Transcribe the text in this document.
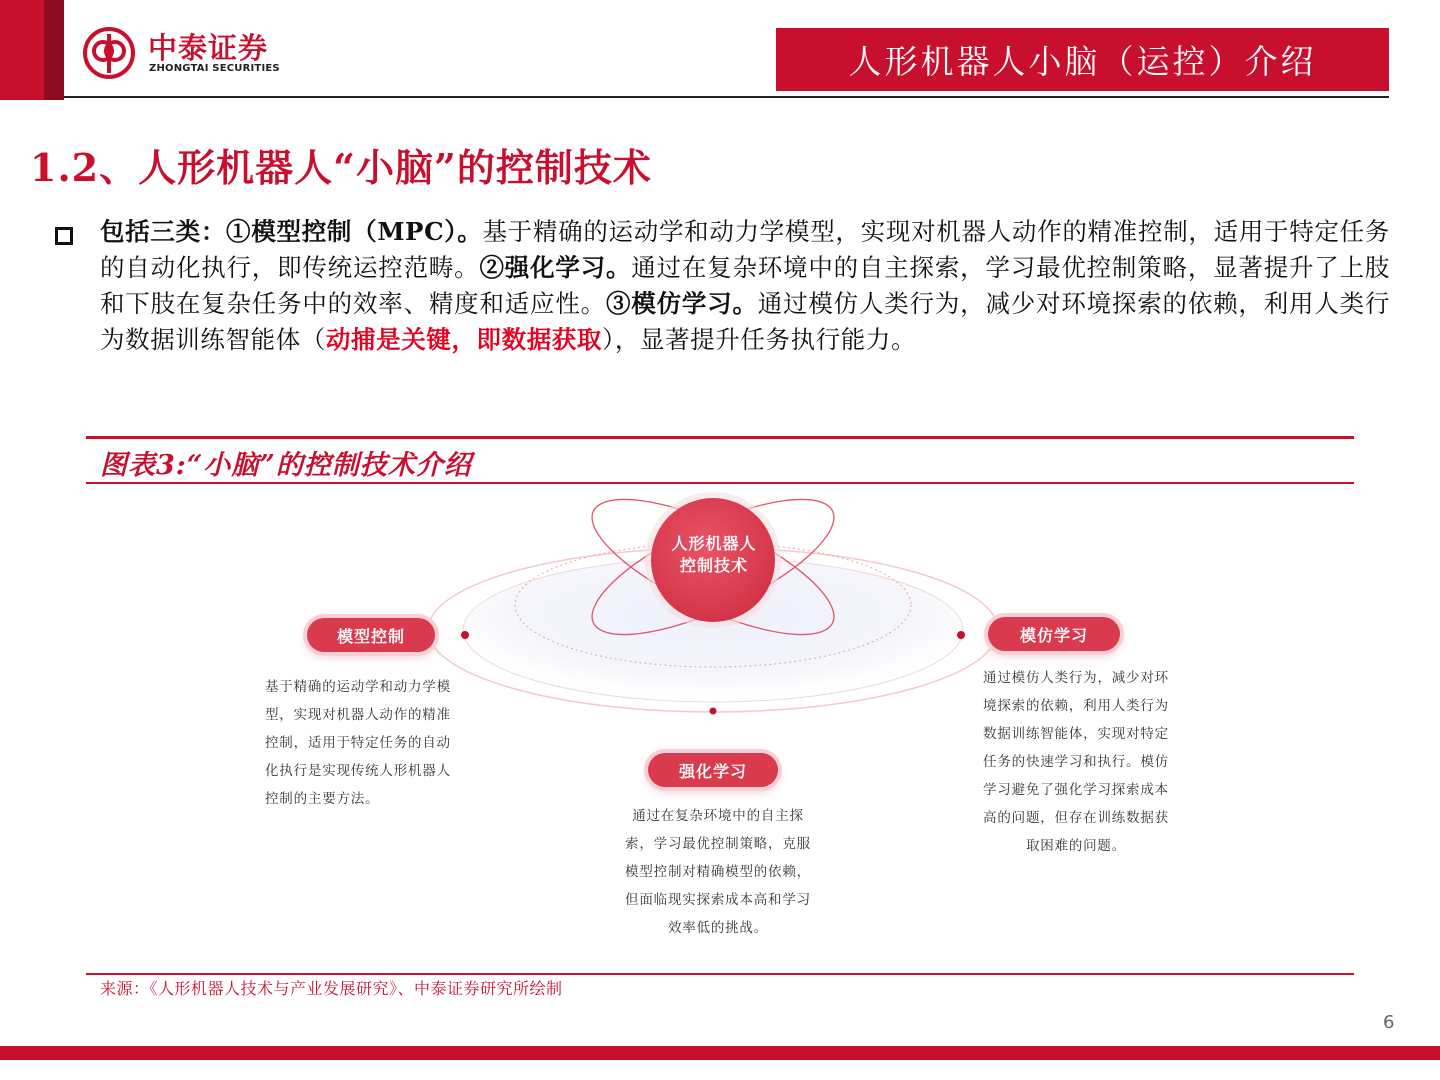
中泰证券
ZHONGTAI SECURITIES	人形机器人小脑（运控）介绍
1.2、人形机器人“小脑”的控制技术
包括三类：①模型控制（MPC）。基于精确的运动学和动力学模型，实现对机器人动作的精准控制，适用于特定任务的自动化执行，即传统运控范畴。②强化学习。通过在复杂环境中的自主探索，学习最优控制策略，显著提升了上肢和下肢在复杂任务中的效率、精度和适应性。③模仿学习。通过模仿人类行为，减少对环境探索的依赖，利用人类行为数据训练智能体（动捕是关键，即数据获取），显著提升任务执行能力。
图表3:“小脑”的控制技术介绍
人形机器人
控制技术
模型控制	模仿学习
强化学习
基于精确的运动学和动力学模型，实现对机器人动作的精准控制，适用于特定任务的自动化执行是实现传统人形机器人控制的主要方法。
通过模仿人类行为，减少对环境探索的依赖，利用人类行为数据训练智能体，实现对特定任务的快速学习和执行。模仿学习避免了强化学习探索成本高的问题，但存在训练数据获取困难的问题。
通过在复杂环境中的自主探索，学习最优控制策略，克服模型控制对精确模型的依赖，但面临现实探索成本高和学习效率低的挑战。
来源：《人形机器人技术与产业发展研究》、中泰证券研究所绘制
6
